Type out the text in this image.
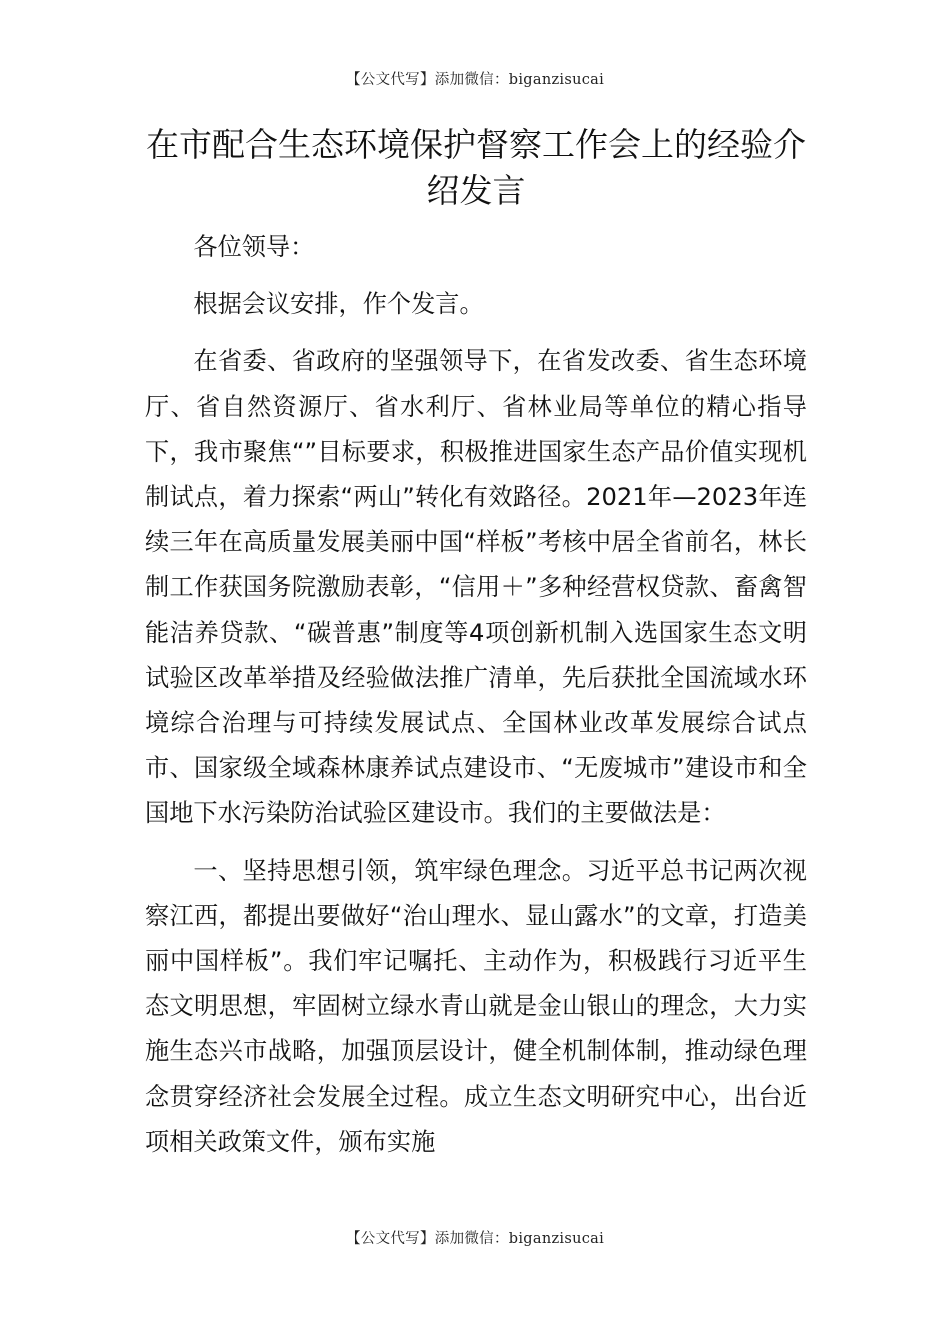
【公文代写】添加微信：biganzisucai
在市配合生态环境保护督察工作会上的经验介绍发言

各位领导：

根据会议安排，作个发言。

在省委、省政府的坚强领导下，在省发改委、省生态环境厅、省自然资源厅、省水利厅、省林业局等单位的精心指导下，我市聚焦“”目标要求，积极推进国家生态产品价值实现机制试点，着力探索“两山”转化有效路径。2021年—2023年连续三年在高质量发展美丽中国“样板”考核中居全省前名，林长制工作获国务院激励表彰，“信用＋”多种经营权贷款、畜禽智能洁养贷款、“碳普惠”制度等4项创新机制入选国家生态文明试验区改革举措及经验做法推广清单，先后获批全国流域水环境综合治理与可持续发展试点、全国林业改革发展综合试点市、国家级全域森林康养试点建设市、“无废城市”建设市和全国地下水污染防治试验区建设市。我们的主要做法是：

一、坚持思想引领，筑牢绿色理念。习近平总书记两次视察江西，都提出要做好“治山理水、显山露水”的文章，打造美丽中国样板”。我们牢记嘱托、主动作为，积极践行习近平生态文明思想，牢固树立绿水青山就是金山银山的理念，大力实施生态兴市战略，加强顶层设计，健全机制体制，推动绿色理念贯穿经济社会发展全过程。成立生态文明研究中心，出台近项相关政策文件，颁布实施

【公文代写】添加微信：biganzisucai
